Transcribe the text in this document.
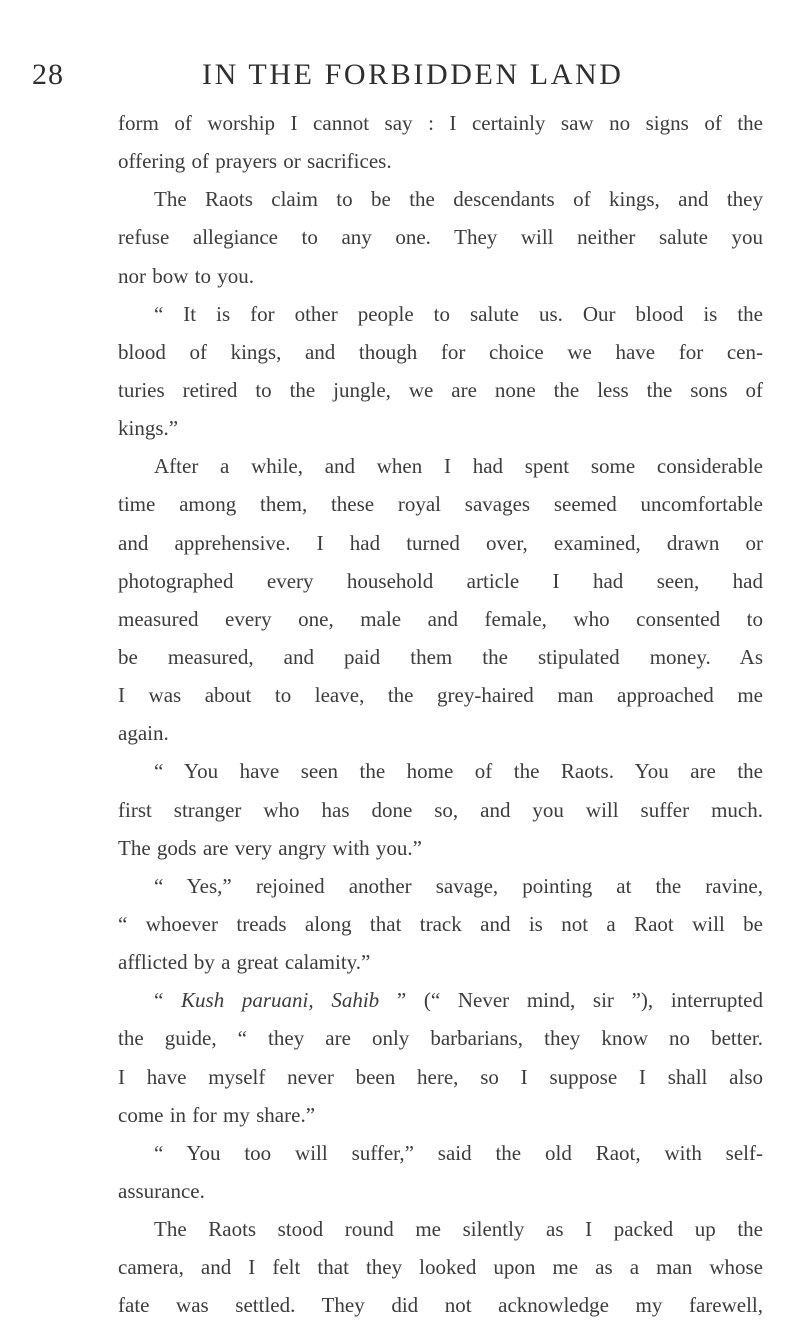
28	IN THE FORBIDDEN LAND
form of worship I cannot say : I certainly saw no signs of the
offering of prayers or sacrifices.
The Raots claim to be the descendants of kings, and they
refuse allegiance to any one. They will neither salute you
nor bow to you.
“ It is for other people to salute us. Our blood is the
blood of kings, and though for choice we have for cen-
turies retired to the jungle, we are none the less the sons of
kings.”
After a while, and when I had spent some considerable
time among them, these royal savages seemed uncomfortable
and apprehensive. I had turned over, examined, drawn or
photographed every household article I had seen, had
measured every one, male and female, who consented to
be measured, and paid them the stipulated money. As
I was about to leave, the grey-haired man approached me
again.
“ You have seen the home of the Raots. You are the
first stranger who has done so, and you will suffer much.
The gods are very angry with you.”
“ Yes,” rejoined another savage, pointing at the ravine,
“ whoever treads along that track and is not a Raot will be
afflicted by a great calamity.”
“ Kush paruani, Sahib ” (“ Never mind, sir ”), interrupted
the guide, “ they are only barbarians, they know no better.
I have myself never been here, so I suppose I shall also
come in for my share.”
“ You too will suffer,” said the old Raot, with self-
assurance.
The Raots stood round me silently as I packed up the
camera, and I felt that they looked upon me as a man whose
fate was settled. They did not acknowledge my farewell,
